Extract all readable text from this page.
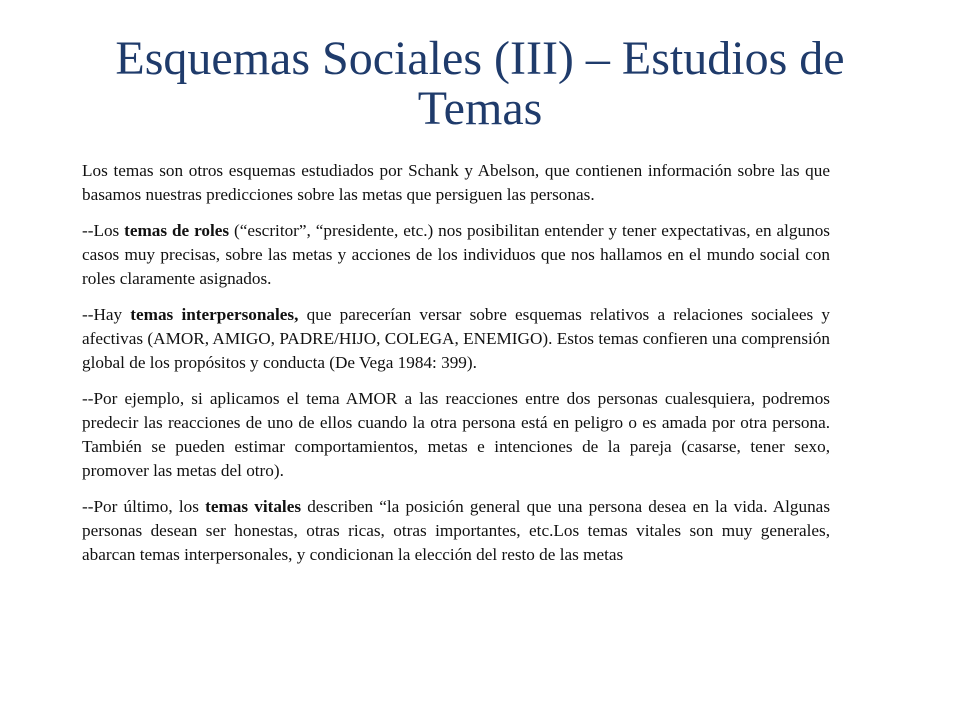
Esquemas Sociales (III) – Estudios de Temas

Los temas son otros esquemas estudiados por Schank y Abelson, que contienen información sobre las que basamos nuestras predicciones sobre las metas que persiguen las personas.

--Los temas de roles (“escritor”, “presidente, etc.) nos posibilitan entender y tener expectativas, en algunos casos muy precisas, sobre las metas y acciones de los individuos que nos hallamos en el mundo social con roles claramente asignados.

--Hay temas interpersonales, que parecerían versar sobre esquemas relativos a relaciones socialees y afectivas (AMOR, AMIGO, PADRE/HIJO, COLEGA, ENEMIGO). Estos temas confieren una comprensión global de los propósitos y conducta (De Vega 1984: 399).

--Por ejemplo, si aplicamos el tema AMOR a las reacciones entre dos personas cualesquiera, podremos predecir las reacciones de uno de ellos cuando la otra persona está en peligro o es amada por otra persona. También se pueden estimar comportamientos, metas e intenciones de la pareja (casarse, tener sexo, promover las metas del otro).

--Por último, los temas vitales describen “la posición general que una persona desea en la vida. Algunas personas desean ser honestas, otras ricas, otras importantes, etc.Los temas vitales son muy generales, abarcan temas interpersonales, y condicionan la elección del resto de las metas
